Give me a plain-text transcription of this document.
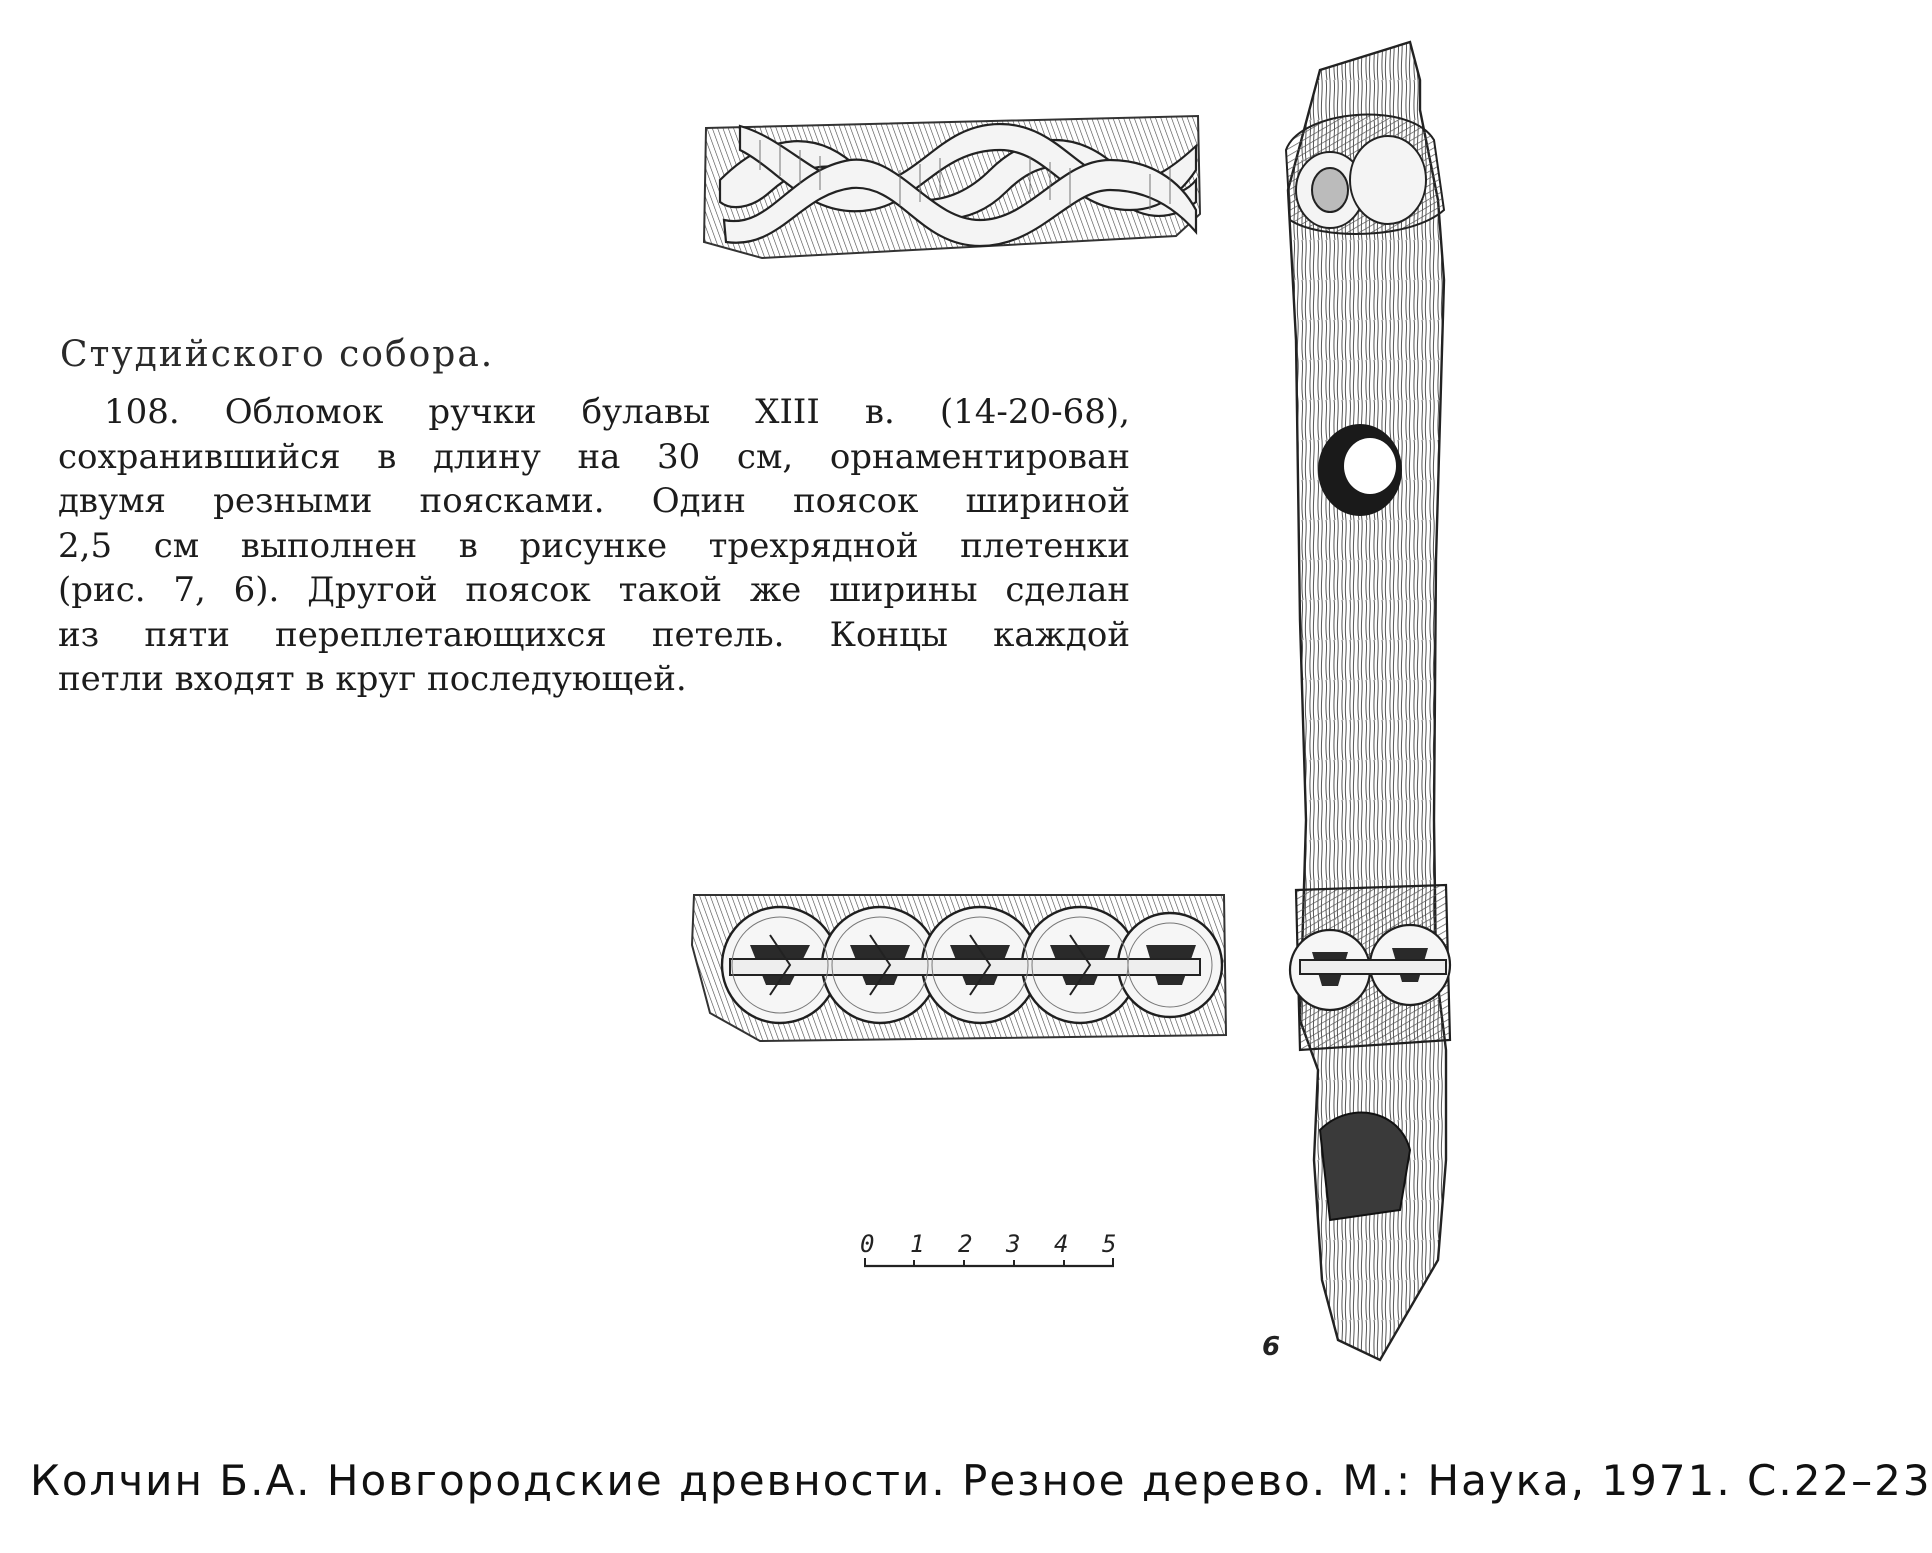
Студийского собора.
108. Обломок ручки булавы XIII в. (14-20-68),
сохранившийся в длину на 30 см, орнаментирован
двумя резными поясками. Один поясок шириной
2,5 см выполнен в рисунке трехрядной плетенки
(рис. 7, 6). Другой поясок такой же ширины сделан
из пяти переплетающихся петель. Концы каждой
петли входят в круг последующей.
0 1 2 3 4 5
6
Колчин Б.А. Новгородские древности. Резное дерево. М.: Наука, 1971. С.22–23
